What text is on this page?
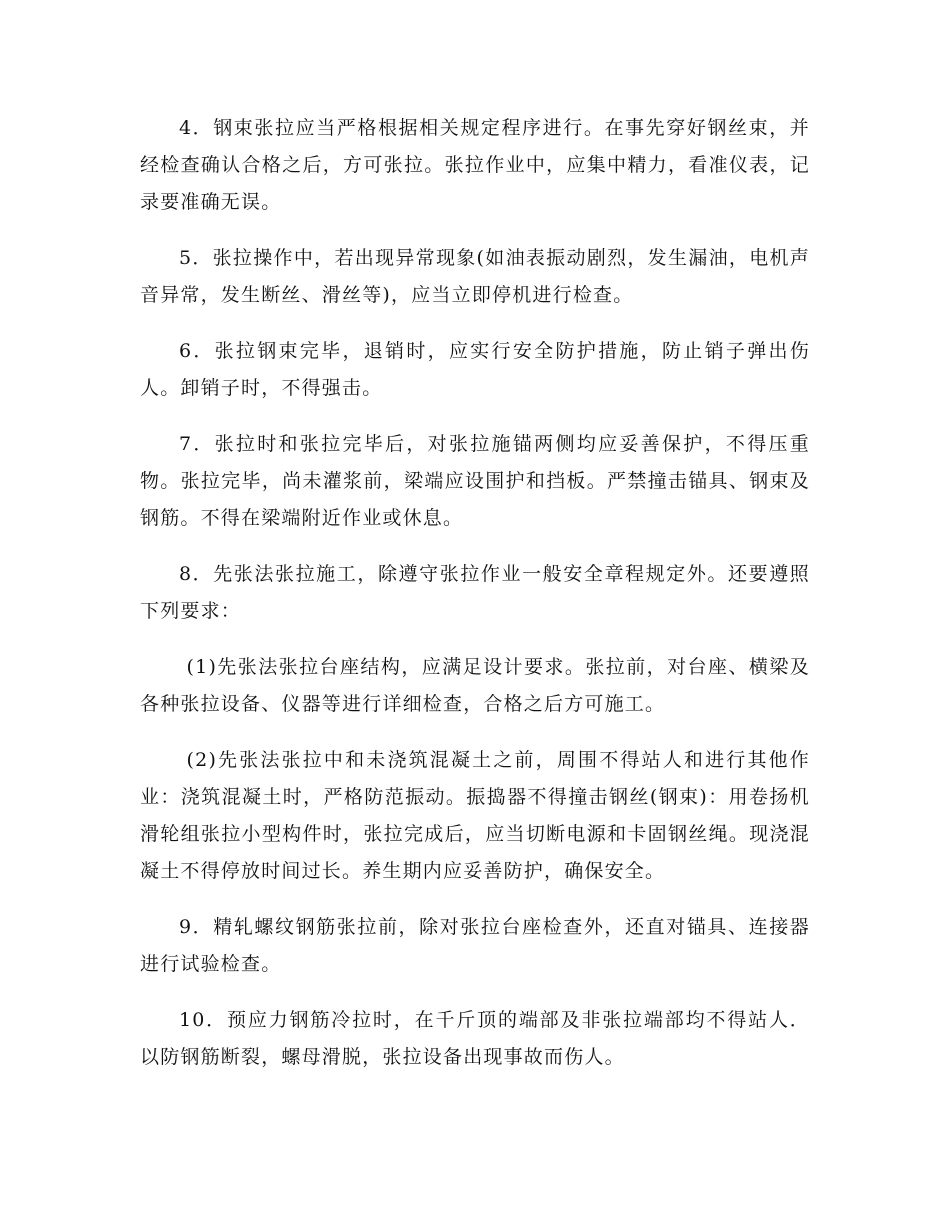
4．钢束张拉应当严格根据相关规定程序进行。在事先穿好钢丝束，并经检查确认合格之后，方可张拉。张拉作业中，应集中精力，看准仪表，记录要准确无误。

5．张拉操作中，若出现异常现象(如油表振动剧烈，发生漏油，电机声音异常，发生断丝、滑丝等)，应当立即停机进行检查。

6．张拉钢束完毕，退销时，应实行安全防护措施，防止销子弹出伤人。卸销子时，不得强击。

7．张拉时和张拉完毕后，对张拉施锚两侧均应妥善保护，不得压重物。张拉完毕，尚未灌浆前，梁端应设围护和挡板。严禁撞击锚具、钢束及钢筋。不得在梁端附近作业或休息。

8．先张法张拉施工，除遵守张拉作业一般安全章程规定外。还要遵照下列要求：

(1)先张法张拉台座结构，应满足设计要求。张拉前，对台座、横梁及各种张拉设备、仪器等进行详细检查，合格之后方可施工。

(2)先张法张拉中和未浇筑混凝土之前，周围不得站人和进行其他作业：浇筑混凝土时，严格防范振动。振捣器不得撞击钢丝(钢束)：用卷扬机滑轮组张拉小型构件时，张拉完成后，应当切断电源和卡固钢丝绳。现浇混凝土不得停放时间过长。养生期内应妥善防护，确保安全。

9．精轧螺纹钢筋张拉前，除对张拉台座检查外，还直对锚具、连接器进行试验检查。

10．预应力钢筋冷拉时，在千斤顶的端部及非张拉端部均不得站人．以防钢筋断裂，螺母滑脱，张拉设备出现事故而伤人。
